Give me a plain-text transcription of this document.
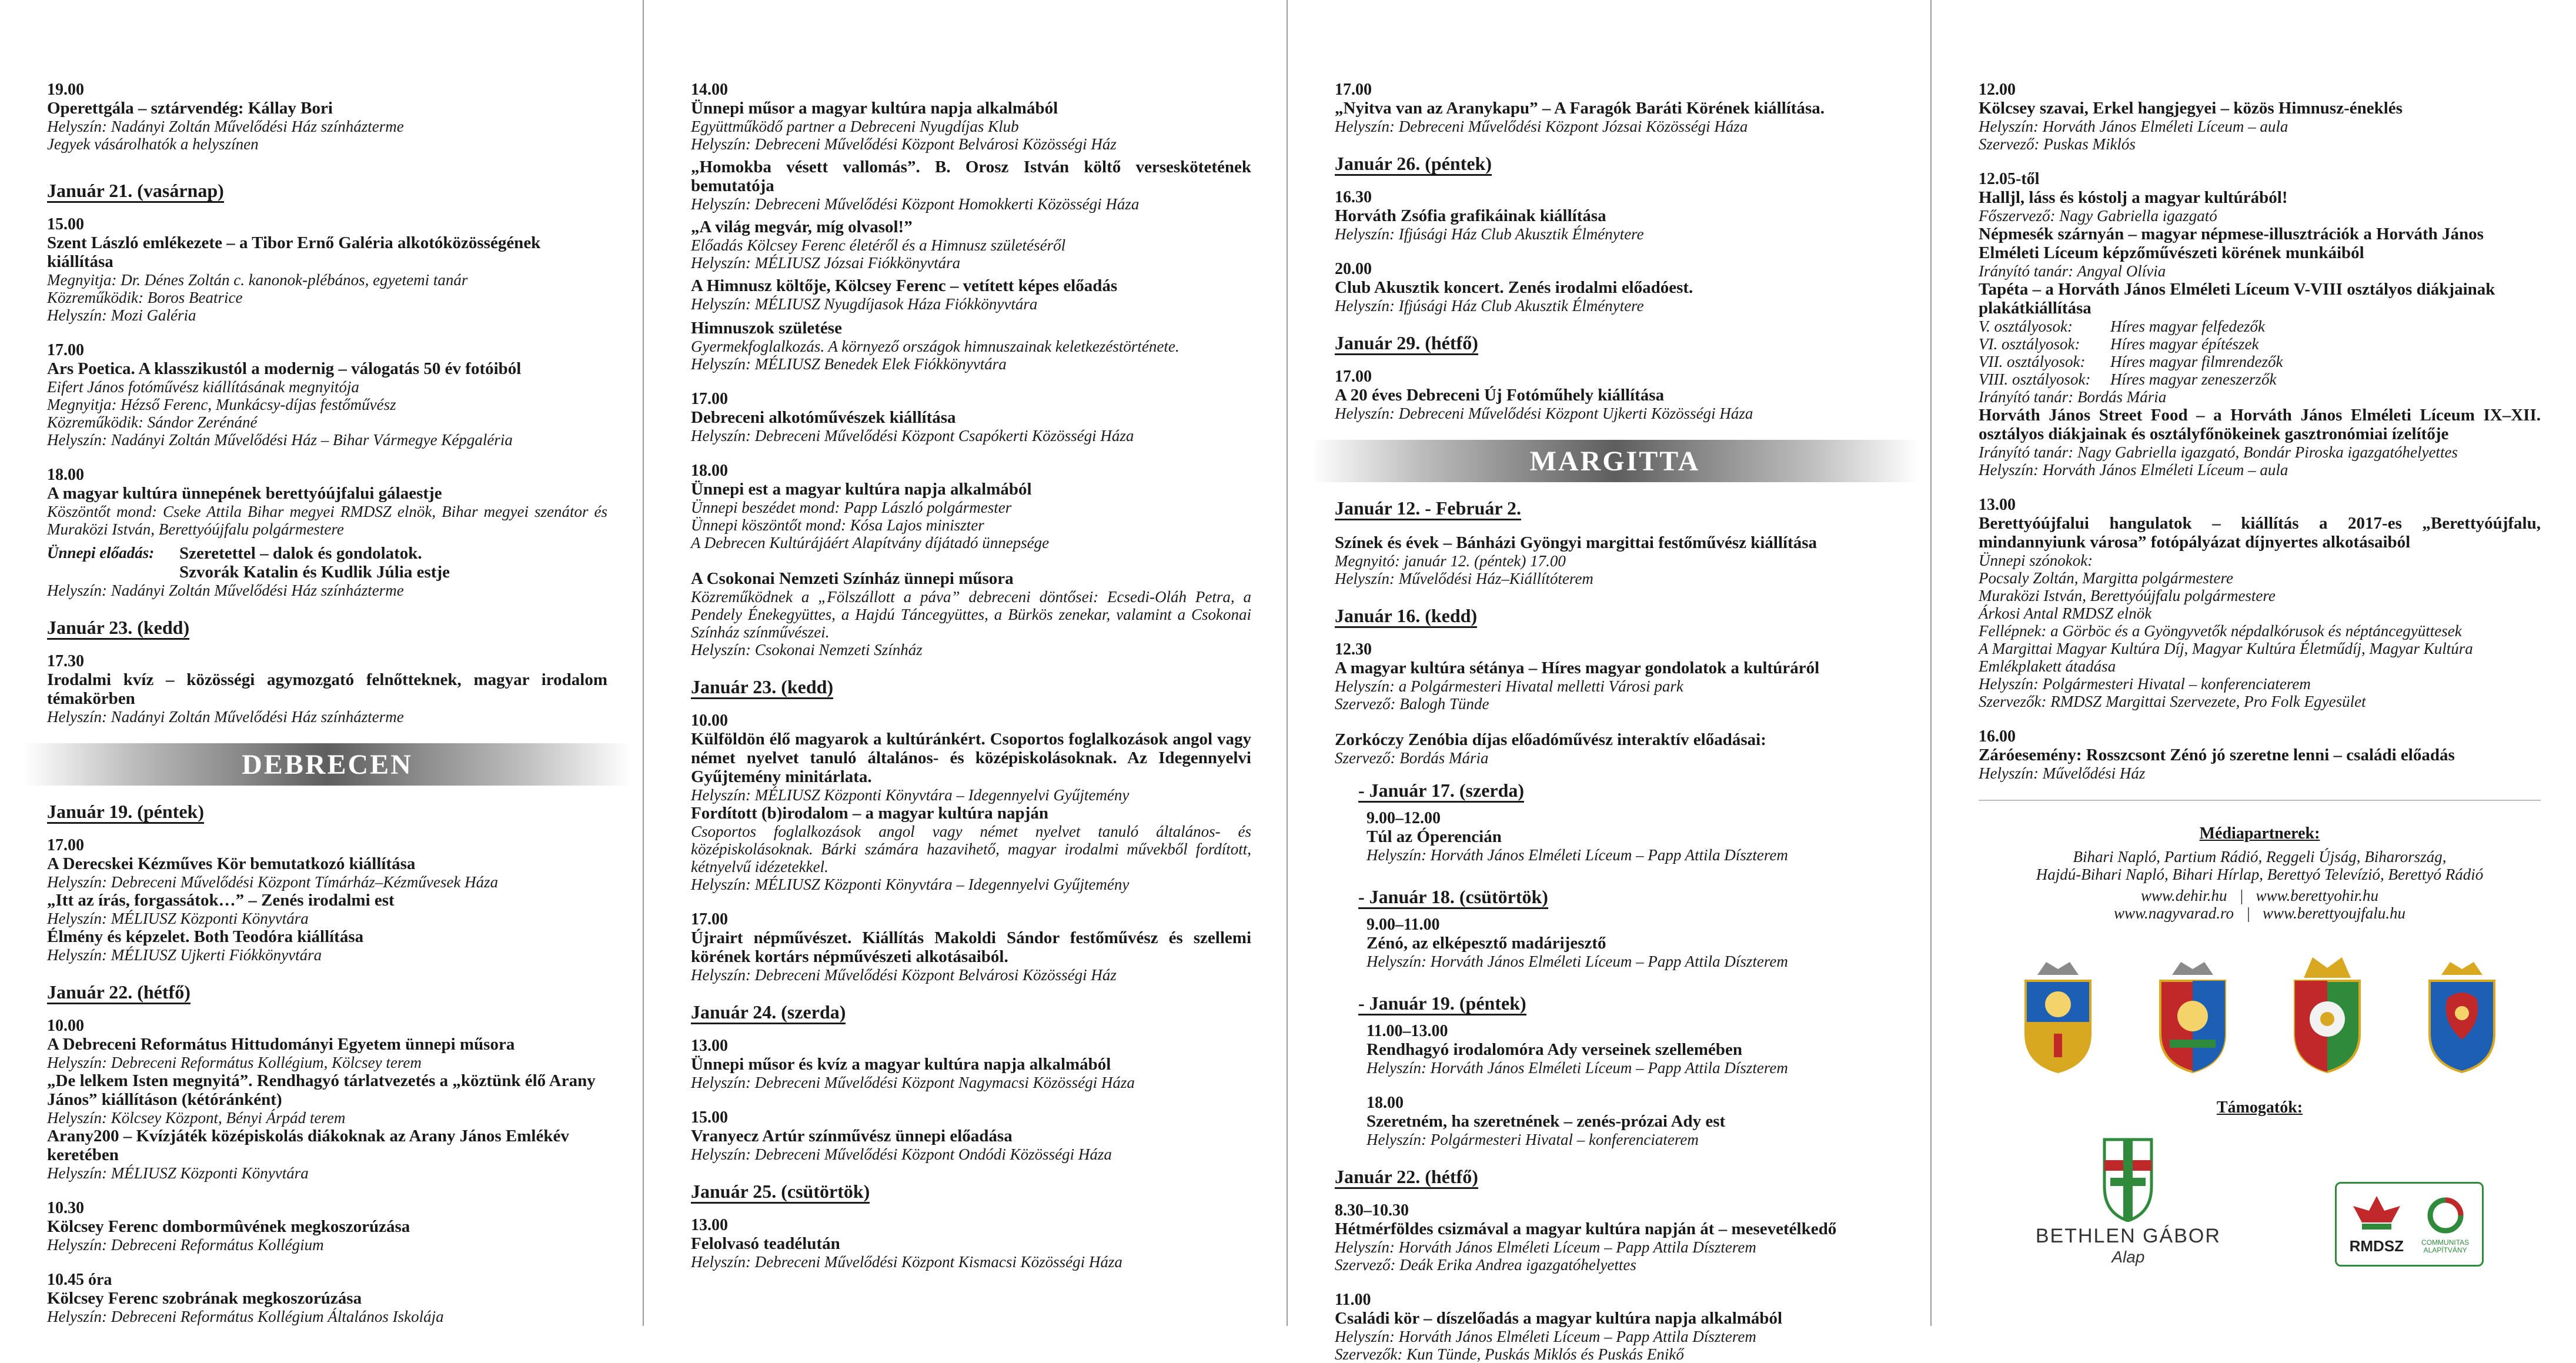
19.00
Operettgála – sztárvendég: Kállay Bori
Helyszín: Nadányi Zoltán Művelődési Ház színházterme
Jegyek vásárolhatók a helyszínen
Január 21. (vasárnap)
15.00
Szent László emlékezete – a Tibor Ernő Galéria alkotóközösségének kiállítása
Megnyitja: Dr. Dénes Zoltán c. kanonok-plébános, egyetemi tanár
Közreműködik: Boros Beatrice
Helyszín: Mozi Galéria
17.00
Ars Poetica. A klasszikustól a modernig – válogatás 50 év fotóiból
Eifert János fotóművész kiállításának megnyitója
Megnyitja: Hézső Ferenc, Munkácsy-díjas festőművész
Közreműködik: Sándor Zerénáné
Helyszín: Nadányi Zoltán Művelődési Ház – Bihar Vármegye Képgaléria
18.00
A magyar kultúra ünnepének berettyóújfalui gálaestje
Köszöntőt mond: Cseke Attila Bihar megyei RMDSZ elnök, Bihar megyei szenátor és Muraközi István, Berettyóújfalu polgármestere
Ünnepi előadás:	Szeretettel – dalok és gondolatok.
Szvorák Katalin és Kudlik Júlia estje
Helyszín: Nadányi Zoltán Művelődési Ház színházterme
Január 23. (kedd)
17.30
Irodalmi kvíz – közösségi agymozgató felnőtteknek, magyar irodalom témakörben
Helyszín: Nadányi Zoltán Művelődési Ház színházterme
DEBRECEN
Január 19. (péntek)
17.00
A Derecskei Kézműves Kör bemutatkozó kiállítása
Helyszín: Debreceni Művelődési Központ Tímárház–Kézművesek Háza
„Itt az írás, forgassátok…” – Zenés irodalmi est
Helyszín: MÉLIUSZ Központi Könyvtára
Élmény és képzelet. Both Teodóra kiállítása
Helyszín: MÉLIUSZ Ujkerti Fiókkönyvtára
Január 22. (hétfő)
10.00
A Debreceni Református Hittudományi Egyetem ünnepi műsora
Helyszín: Debreceni Református Kollégium, Kölcsey terem
„De lelkem Isten megnyitá”. Rendhagyó tárlatvezetés a „köztünk élő Arany János” kiállításon (kétóránként)
Helyszín: Kölcsey Központ, Bényi Árpád terem
Arany200 – Kvízjáték középiskolás diákoknak az Arany János Emlékév keretében
Helyszín: MÉLIUSZ Központi Könyvtára
10.30
Kölcsey Ferenc dombormûvének megkoszorúzása
Helyszín: Debreceni Református Kollégium
10.45 óra
Kölcsey Ferenc szobrának megkoszorúzása
Helyszín: Debreceni Református Kollégium Általános Iskolája
14.00
Ünnepi műsor a magyar kultúra napja alkalmából
Együttműködő partner a Debreceni Nyugdíjas Klub
Helyszín: Debreceni Művelődési Központ Belvárosi Közösségi Ház
„Homokba vésett vallomás”. B. Orosz István költő verseskötetének bemutatója
Helyszín: Debreceni Művelődési Központ Homokkerti Közösségi Háza
„A világ megvár, míg olvasol!”
Előadás Kölcsey Ferenc életéről és a Himnusz születéséről
Helyszín: MÉLIUSZ Józsai Fiókkönyvtára
A Himnusz költője, Kölcsey Ferenc – vetített képes előadás
Helyszín: MÉLIUSZ Nyugdíjasok Háza Fiókkönyvtára
Himnuszok születése
Gyermekfoglalkozás. A környező országok himnuszainak keletkezéstörténete.
Helyszín: MÉLIUSZ Benedek Elek Fiókkönyvtára
17.00
Debreceni alkotóművészek kiállítása
Helyszín: Debreceni Művelődési Központ Csapókerti Közösségi Háza
18.00
Ünnepi est a magyar kultúra napja alkalmából
Ünnepi beszédet mond: Papp László polgármester
Ünnepi köszöntőt mond: Kósa Lajos miniszter
A Debrecen Kultúrájáért Alapítvány díjátadó ünnepsége
A Csokonai Nemzeti Színház ünnepi műsora
Közreműködnek a „Fölszállott a páva” debreceni döntősei: Ecsedi-Oláh Petra, a Pendely Énekegyüttes, a Hajdú Táncegyüttes, a Bürkös zenekar, valamint a Csokonai Színház színművészei.
Helyszín: Csokonai Nemzeti Színház
Január 23. (kedd)
10.00
Külföldön élő magyarok a kultúránkért. Csoportos foglalkozások angol vagy német nyelvet tanuló általános- és középiskolásoknak. Az Idegennyelvi Gyűjtemény minitárlata.
Helyszín: MÉLIUSZ Központi Könyvtára – Idegennyelvi Gyűjtemény
Fordított (b)irodalom – a magyar kultúra napján
Csoportos foglalkozások angol vagy német nyelvet tanuló általános- és középiskolásoknak. Bárki számára hazavihető, magyar irodalmi művekből fordított, kétnyelvű idézetekkel.
Helyszín: MÉLIUSZ Központi Könyvtára – Idegennyelvi Gyűjtemény
17.00
Újrairt népművészet. Kiállítás Makoldi Sándor festőművész és szellemi körének kortárs népművészeti alkotásaiból.
Helyszín: Debreceni Művelődési Központ Belvárosi Közösségi Ház
Január 24. (szerda)
13.00
Ünnepi műsor és kvíz a magyar kultúra napja alkalmából
Helyszín: Debreceni Művelődési Központ Nagymacsi Közösségi Háza
15.00
Vranyecz Artúr színművész ünnepi előadása
Helyszín: Debreceni Művelődési Központ Ondódi Közösségi Háza
Január 25. (csütörtök)
13.00
Felolvasó teadélután
Helyszín: Debreceni Művelődési Központ Kismacsi Közösségi Háza
17.00
„Nyitva van az Aranykapu” – A Faragók Baráti Körének kiállítása.
Helyszín: Debreceni Művelődési Központ Józsai Közösségi Háza
Január 26. (péntek)
16.30
Horváth Zsófia grafikáinak kiállítása
Helyszín: Ifjúsági Ház Club Akusztik Élménytere
20.00
Club Akusztik koncert. Zenés irodalmi előadóest.
Helyszín: Ifjúsági Ház Club Akusztik Élménytere
Január 29. (hétfő)
17.00
A 20 éves Debreceni Új Fotóműhely kiállítása
Helyszín: Debreceni Művelődési Központ Ujkerti Közösségi Háza
MARGITTA
Január 12. - Február 2.
Színek és évek – Bánházi Gyöngyi margittai festőművész kiállítása
Megnyitó: január 12. (péntek) 17.00
Helyszín: Művelődési Ház–Kiállítóterem
Január 16. (kedd)
12.30
A magyar kultúra sétánya – Híres magyar gondolatok a kultúráról
Helyszín: a Polgármesteri Hivatal melletti Városi park
Szervező: Balogh Tünde
Zorkóczy Zenóbia díjas előadóművész interaktív előadásai:
Szervező: Bordás Mária
- Január 17. (szerda)
9.00–12.00
Túl az Óperencián
Helyszín: Horváth János Elméleti Líceum – Papp Attila Díszterem
- Január 18. (csütörtök)
9.00–11.00
Zénó, az elképesztő madárijesztő
Helyszín: Horváth János Elméleti Líceum – Papp Attila Díszterem
- Január 19. (péntek)
11.00–13.00
Rendhagyó irodalomóra Ady verseinek szellemében
Helyszín: Horváth János Elméleti Líceum – Papp Attila Díszterem
18.00
Szeretném, ha szeretnének – zenés-prózai Ady est
Helyszín: Polgármesteri Hivatal – konferenciaterem
Január 22. (hétfő)
8.30–10.30
Hétmérföldes csizmával a magyar kultúra napján át – mesevetélkedő
Helyszín: Horváth János Elméleti Líceum – Papp Attila Díszterem
Szervező: Deák Erika Andrea igazgatóhelyettes
11.00
Családi kör – díszelőadás a magyar kultúra napja alkalmából
Helyszín: Horváth János Elméleti Líceum – Papp Attila Díszterem
Szervezők: Kun Tünde, Puskás Miklós és Puskás Enikő
12.00
Kölcsey szavai, Erkel hangjegyei – közös Himnusz-éneklés
Helyszín: Horváth János Elméleti Líceum – aula
Szervező: Puskas Miklós
12.05-től
Halljl, láss és kóstolj a magyar kultúrából!
Főszervező: Nagy Gabriella igazgató
Népmesék szárnyán – magyar népmese-illusztrációk a Horváth János Elméleti Líceum képzőművészeti körének munkáiból
Irányító tanár: Angyal Olívia
Tapéta – a Horváth János Elméleti Líceum V-VIII osztályos diákjainak plakátkiállítása
V. osztályosok:	Híres magyar felfedezők
VI. osztályosok:	Híres magyar építészek
VII. osztályosok:	Híres magyar filmrendezők
VIII. osztályosok:	Híres magyar zeneszerzők
Irányító tanár: Bordás Mária
Horváth János Street Food – a Horváth János Elméleti Líceum IX–XII. osztályos diákjainak és osztályfőnökeinek gasztronómiai ízelítője
Irányító tanár: Nagy Gabriella igazgató, Bondár Piroska igazgatóhelyettes
Helyszín: Horváth János Elméleti Líceum – aula
13.00
Berettyóújfalui hangulatok – kiállítás a 2017-es „Berettyóújfalu, mindannyiunk városa” fotópályázat díjnyertes alkotásaiból
Ünnepi szónokok:
Pocsaly Zoltán, Margitta polgármestere
Muraközi István, Berettyóújfalu polgármestere
Árkosi Antal RMDSZ elnök
Fellépnek: a Görböc és a Gyöngyvetők népdalkórusok és néptáncegyüttesek
A Margittai Magyar Kultúra Díj, Magyar Kultúra Életműdíj, Magyar Kultúra Emlékplakett átadása
Helyszín: Polgármesteri Hivatal – konferenciaterem
Szervezők: RMDSZ Margittai Szervezete, Pro Folk Egyesület
16.00
Záróesemény: Rosszcsont Zénó jó szeretne lenni – családi előadás
Helyszín: Művelődési Ház
Médiapartnerek:
Bihari Napló, Partium Rádió, Reggeli Újság, Biharország,
Hajdú-Bihari Napló, Bihari Hírlap, Berettyó Televízió, Berettyó Rádió
www.dehir.hu | www.berettyohir.hu
www.nagyvarad.ro | www.berettyoujfalu.hu
Támogatók:
BETHLEN GÁBOR
Alap
RMDSZ	COMMUNITAS
ALAPÍTVÁNY
